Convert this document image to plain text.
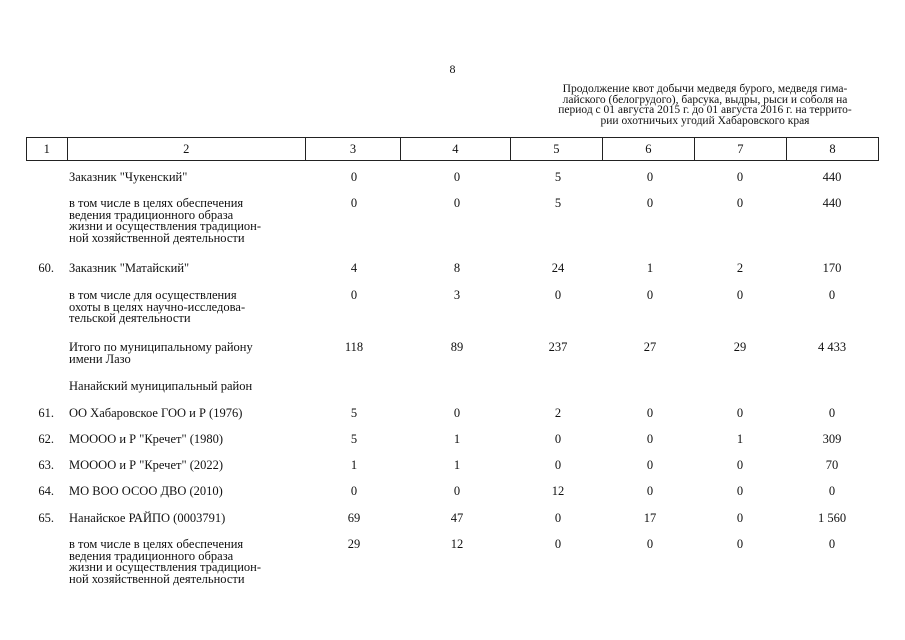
8
Продолжение квот добычи медведя бурого, медведя гима-
лайского (белогрудого), барсука, выдры, рыси и соболя на
период с 01 августа 2015 г. до 01 августа 2016 г. на террито-
рии охотничьих угодий Хабаровского края
1	2	3	4	5	6	7	8
Заказник "Чукенский"	0	0	5	0	0	440
в том числе в целях обеспечения
ведения традиционного образа
жизни и осуществления традицион-
ной хозяйственной деятельности
0	0	5	0	0	440
60. Заказник "Матайский"	4	8	24	1	2	170
в том числе для осуществления
охоты в целях научно-исследова-
тельской деятельности
0	3	0	0	0	0
Итого по муниципальному району
имени Лазо
118	89	237	27	29	4 433
Нанайский муниципальный район
61. ОО Хабаровское ГОО и Р (1976)	5	0	2	0	0	0
62. МОООО и Р "Кречет" (1980)	5	1	0	0	1	309
63. МОООО и Р "Кречет" (2022)	1	1	0	0	0	70
64. МО ВОО ОСОО ДВО (2010)	0	0	12	0	0	0
65. Нанайское РАЙПО (0003791)	69	47	0	17	0	1 560
в том числе в целях обеспечения
ведения традиционного образа
жизни и осуществления традицион-
ной хозяйственной деятельности
29	12	0	0	0	0
